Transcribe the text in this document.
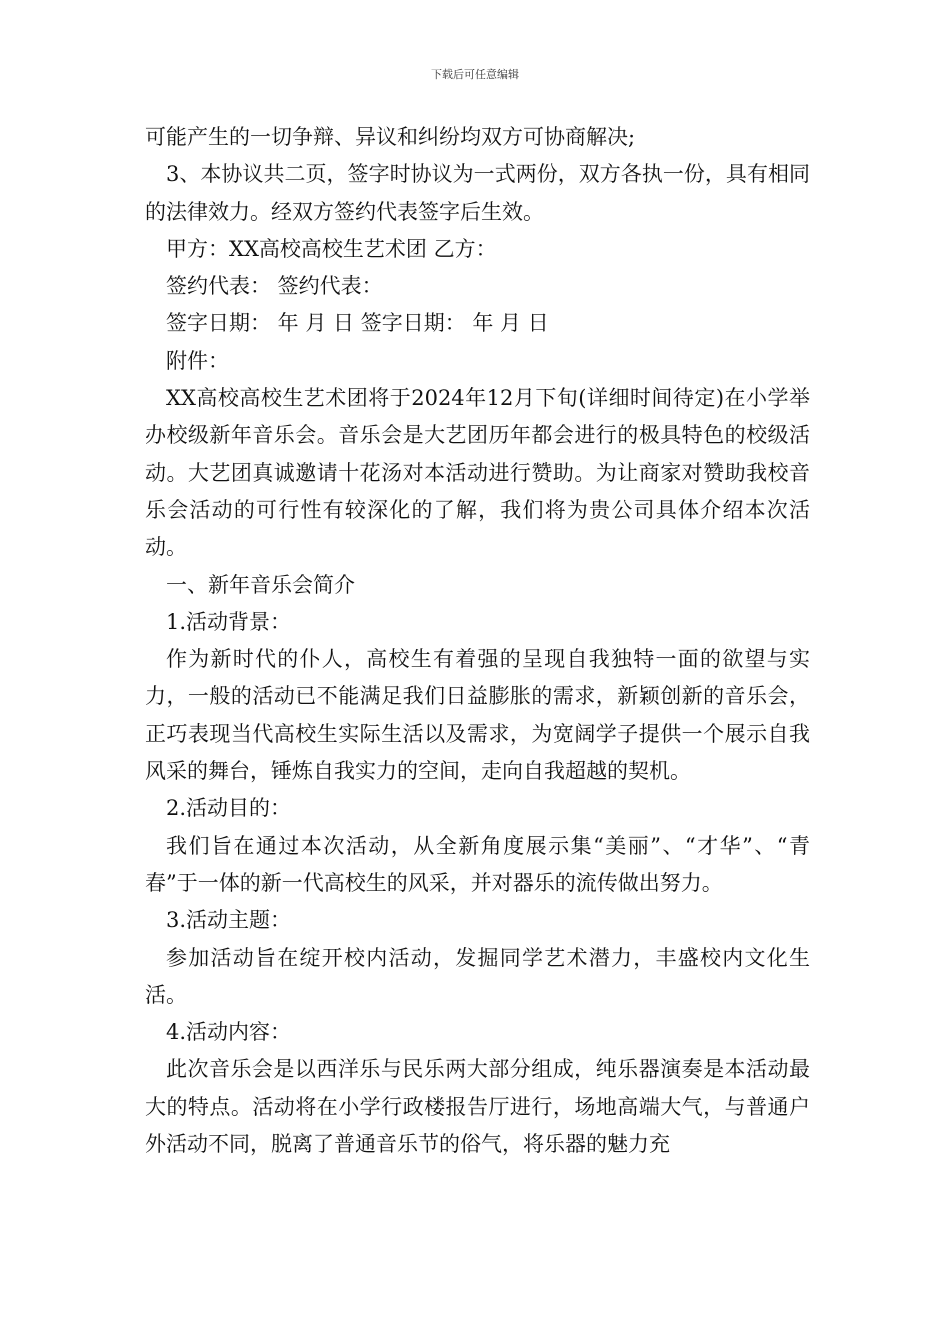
下载后可任意编辑

可能产生的一切争辩、异议和纠纷均双方可协商解决;

3、本协议共二页，签字时协议为一式两份，双方各执一份，具有相同的法律效力。经双方签约代表签字后生效。

甲方：XX高校高校生艺术团 乙方：

签约代表： 签约代表：

签字日期： 年 月 日 签字日期： 年 月 日

附件：

XX高校高校生艺术团将于2024年12月下旬(详细时间待定)在小学举办校级新年音乐会。音乐会是大艺团历年都会进行的极具特色的校级活动。大艺团真诚邀请十花汤对本活动进行赞助。为让商家对赞助我校音乐会活动的可行性有较深化的了解，我们将为贵公司具体介绍本次活动。

一、新年音乐会简介

1.活动背景：

作为新时代的仆人，高校生有着强的呈现自我独特一面的欲望与实力，一般的活动已不能满足我们日益膨胀的需求，新颖创新的音乐会，正巧表现当代高校生实际生活以及需求，为宽阔学子提供一个展示自我风采的舞台，锤炼自我实力的空间，走向自我超越的契机。

2.活动目的：

我们旨在通过本次活动，从全新角度展示集“美丽”、“才华”、“青春”于一体的新一代高校生的风采，并对器乐的流传做出努力。

3.活动主题：

参加活动旨在绽开校内活动，发掘同学艺术潜力，丰盛校内文化生活。

4.活动内容：

此次音乐会是以西洋乐与民乐两大部分组成，纯乐器演奏是本活动最大的特点。活动将在小学行政楼报告厅进行，场地高端大气，与普通户外活动不同，脱离了普通音乐节的俗气，将乐器的魅力充
